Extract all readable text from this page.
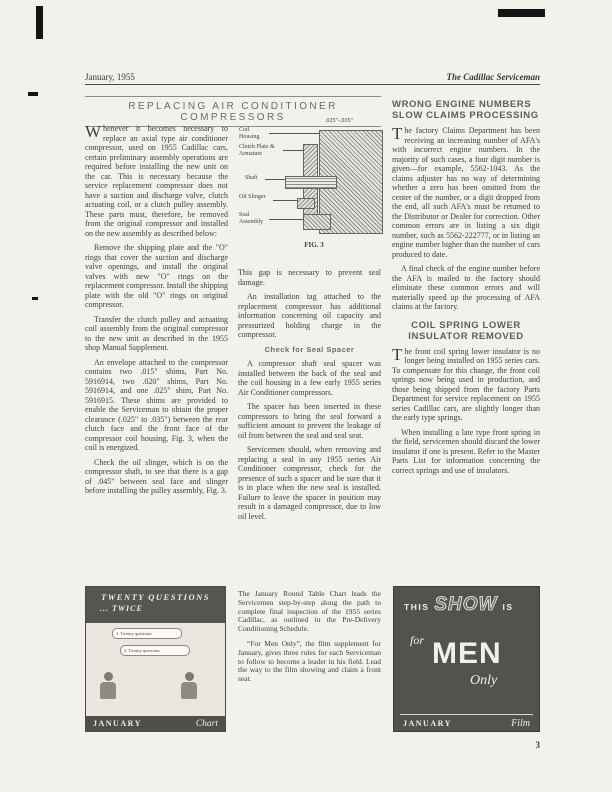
January, 1955	The Cadillac Serviceman
REPLACING AIR CONDITIONER COMPRESSORS

Whenever it becomes necessary to replace an axial type air conditioner compressor, used on 1955 Cadillac cars, certain preliminary assembly operations are required before installing the new unit on the car. This is necessary because the service replacement compressor does not have a suction and discharge valve, clutch actuating coil, or a clutch pulley assembly. These parts must, therefore, be removed from the original compressor and installed on the new assembly as described below:

Remove the shipping plate and the "O" rings that cover the suction and discharge valve openings, and install the original valves with new "O" rings on the replacement compressor. Install the shipping plate with the old "O" rings on original compressor.

Transfer the clutch pulley and actuating coil assembly from the original compressor to the new unit as described in the 1955 shop Manual Supplement.

An envelope attached to the compressor contains two .015" shims, Part No. 5916914, two .020" shims, Part No. 5916914, and one .025" shim, Part No. 5916915. These shims are provided to enable the Serviceman to obtain the proper clearance (.025" to .035") between the rear clutch face and the front face of the compressor coil housing, Fig. 3, when the coil is energized.

Check the oil slinger, which is on the compressor shaft, to see that there is a gap of .045" between seal face and slinger before installing the pulley assembly, Fig. 3.

.025"-.035"
Coil Housing
Clutch Plate & Armature
Shaft
Oil Slinger
Seal Assembly
FIG. 3

This gap is necessary to prevent seal damage.

An installation tag attached to the replacement compressor has additional information concerning oil capacity and pressurized holding charge in the compressor.

Check for Seal Spacer

A compressor shaft seal spacer was installed between the back of the seal and the coil housing in a few early 1955 series Air Conditioner compressors.

The spacer has been inserted in these compressors to bring the seal forward a sufficient amount to prevent the leakage of oil from between the seal and seal seat.

Servicemen should, when removing and replacing a seal in any 1955 series Air Conditioner compressor, check for the presence of such a spacer and be sure that it is in place when the new seal is installed. Failure to leave the spacer in position may result in a damaged compressor, due to low oil level.

WRONG ENGINE NUMBERS
SLOW CLAIMS PROCESSING

The factory Claims Department has been receiving an increasing number of AFA's with incorrect engine numbers. In the majority of such cases, a four digit number is given—for example, 5562-1043. As the claims adjuster has no way of determining whether a zero has been omitted from the center of the number, or a digit dropped from the end, all such AFA's must be returned to the Distributor or Dealer for correction. Other common errors are in listing a six digit number, such as 5562-222777, or in listing an engine number higher than the number of cars produced to date.

A final check of the engine number before the AFA is mailed to the factory should eliminate these common errors and will materially speed up the processing of AFA claims at the factory.

COIL SPRING LOWER
INSULATOR REMOVED

The front coil spring lower insulator is no longer being installed on 1955 series cars. To compensate for this change, the front coil springs now being used in production, and those being shipped from the factory Parts Department for service replacement on 1955 series Cadillac cars, are slightly longer than the early type springs.

When installing a late type front spring in the field, servicemen should discard the lower insulator if one is present. Refer to the Master Parts List for information concerning the correct springs and use of insulators.

TWENTY QUESTIONS
... TWICE
1. Twenty questions
2. Twenty questions
JANUARY	Chart

The January Round Table Chart leads the Servicemen step-by-step along the path to complete final inspection of the 1955 series Cadillac, as outlined in the Pre-Delivery Conditioning Schedule.

“For Men Only”, the film supplement for January, gives three rules for each Serviceman to follow to become a leader in his field. Lead the way to the film showing and claim a front seat.

THIS SHOW IS
for MEN
Only
JANUARY	Film
3
